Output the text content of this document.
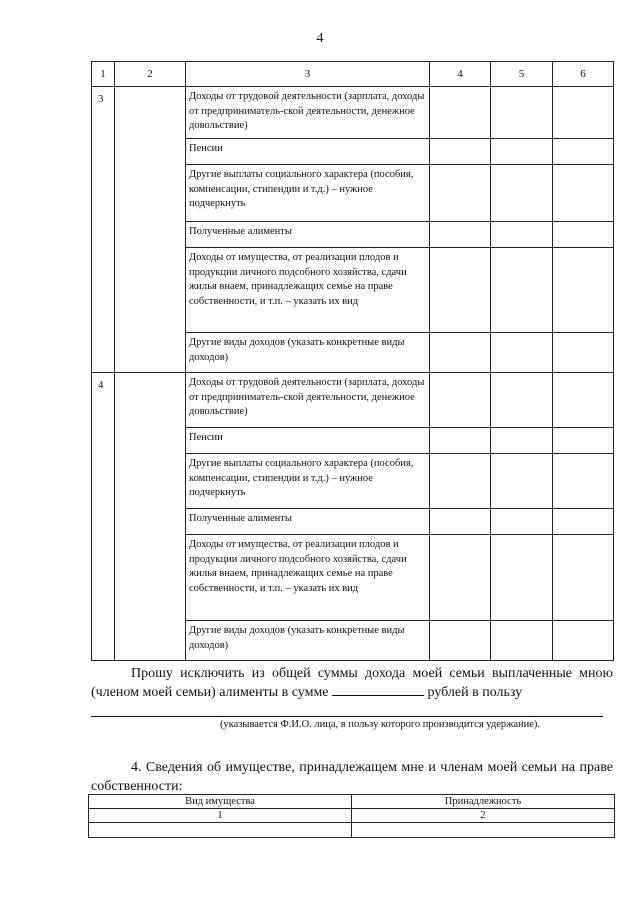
4
1	2	3	4	5	6
3		Доходы от трудовой деятельности (зарплата, доходы от предприниматель-ской деятельности, денежное довольствие)			
		Пенсии			
		Другие выплаты социального характера (пособия, компенсации, стипендии и т.д.) – нужное подчеркнуть			
		Полученные алименты			
		Доходы от имущества, от реализации плодов и продукции личного подсобного хозяйства, сдачи жилья внаем, принадлежащих семье на праве собственности, и т.п. – указать их вид			
		Другие виды доходов (указать конкретные виды доходов)			
4		Доходы от трудовой деятельности (зарплата, доходы от предприниматель-ской деятельности, денежное довольствие)			
		Пенсии			
		Другие выплаты социального характера (пособия, компенсации, стипендии и т.д.) – нужное подчеркнуть			
		Полученные алименты			
		Доходы от имущества, от реализации плодов и продукции личного подсобного хозяйства, сдачи жилья внаем, принадлежащих семье на праве собственности, и т.п. – указать их вид			
		Другие виды доходов (указать конкретные виды доходов)			
Прошу исключить из общей суммы дохода моей семьи выплаченные мною (членом моей семьи) алименты в сумме	рублей в пользу
(указывается Ф.И.О. лица, в пользу которого производится удержание).
4. Сведения об имуществе, принадлежащем мне и членам моей семьи на праве собственности:
Вид имущества	Принадлежность
1	2
